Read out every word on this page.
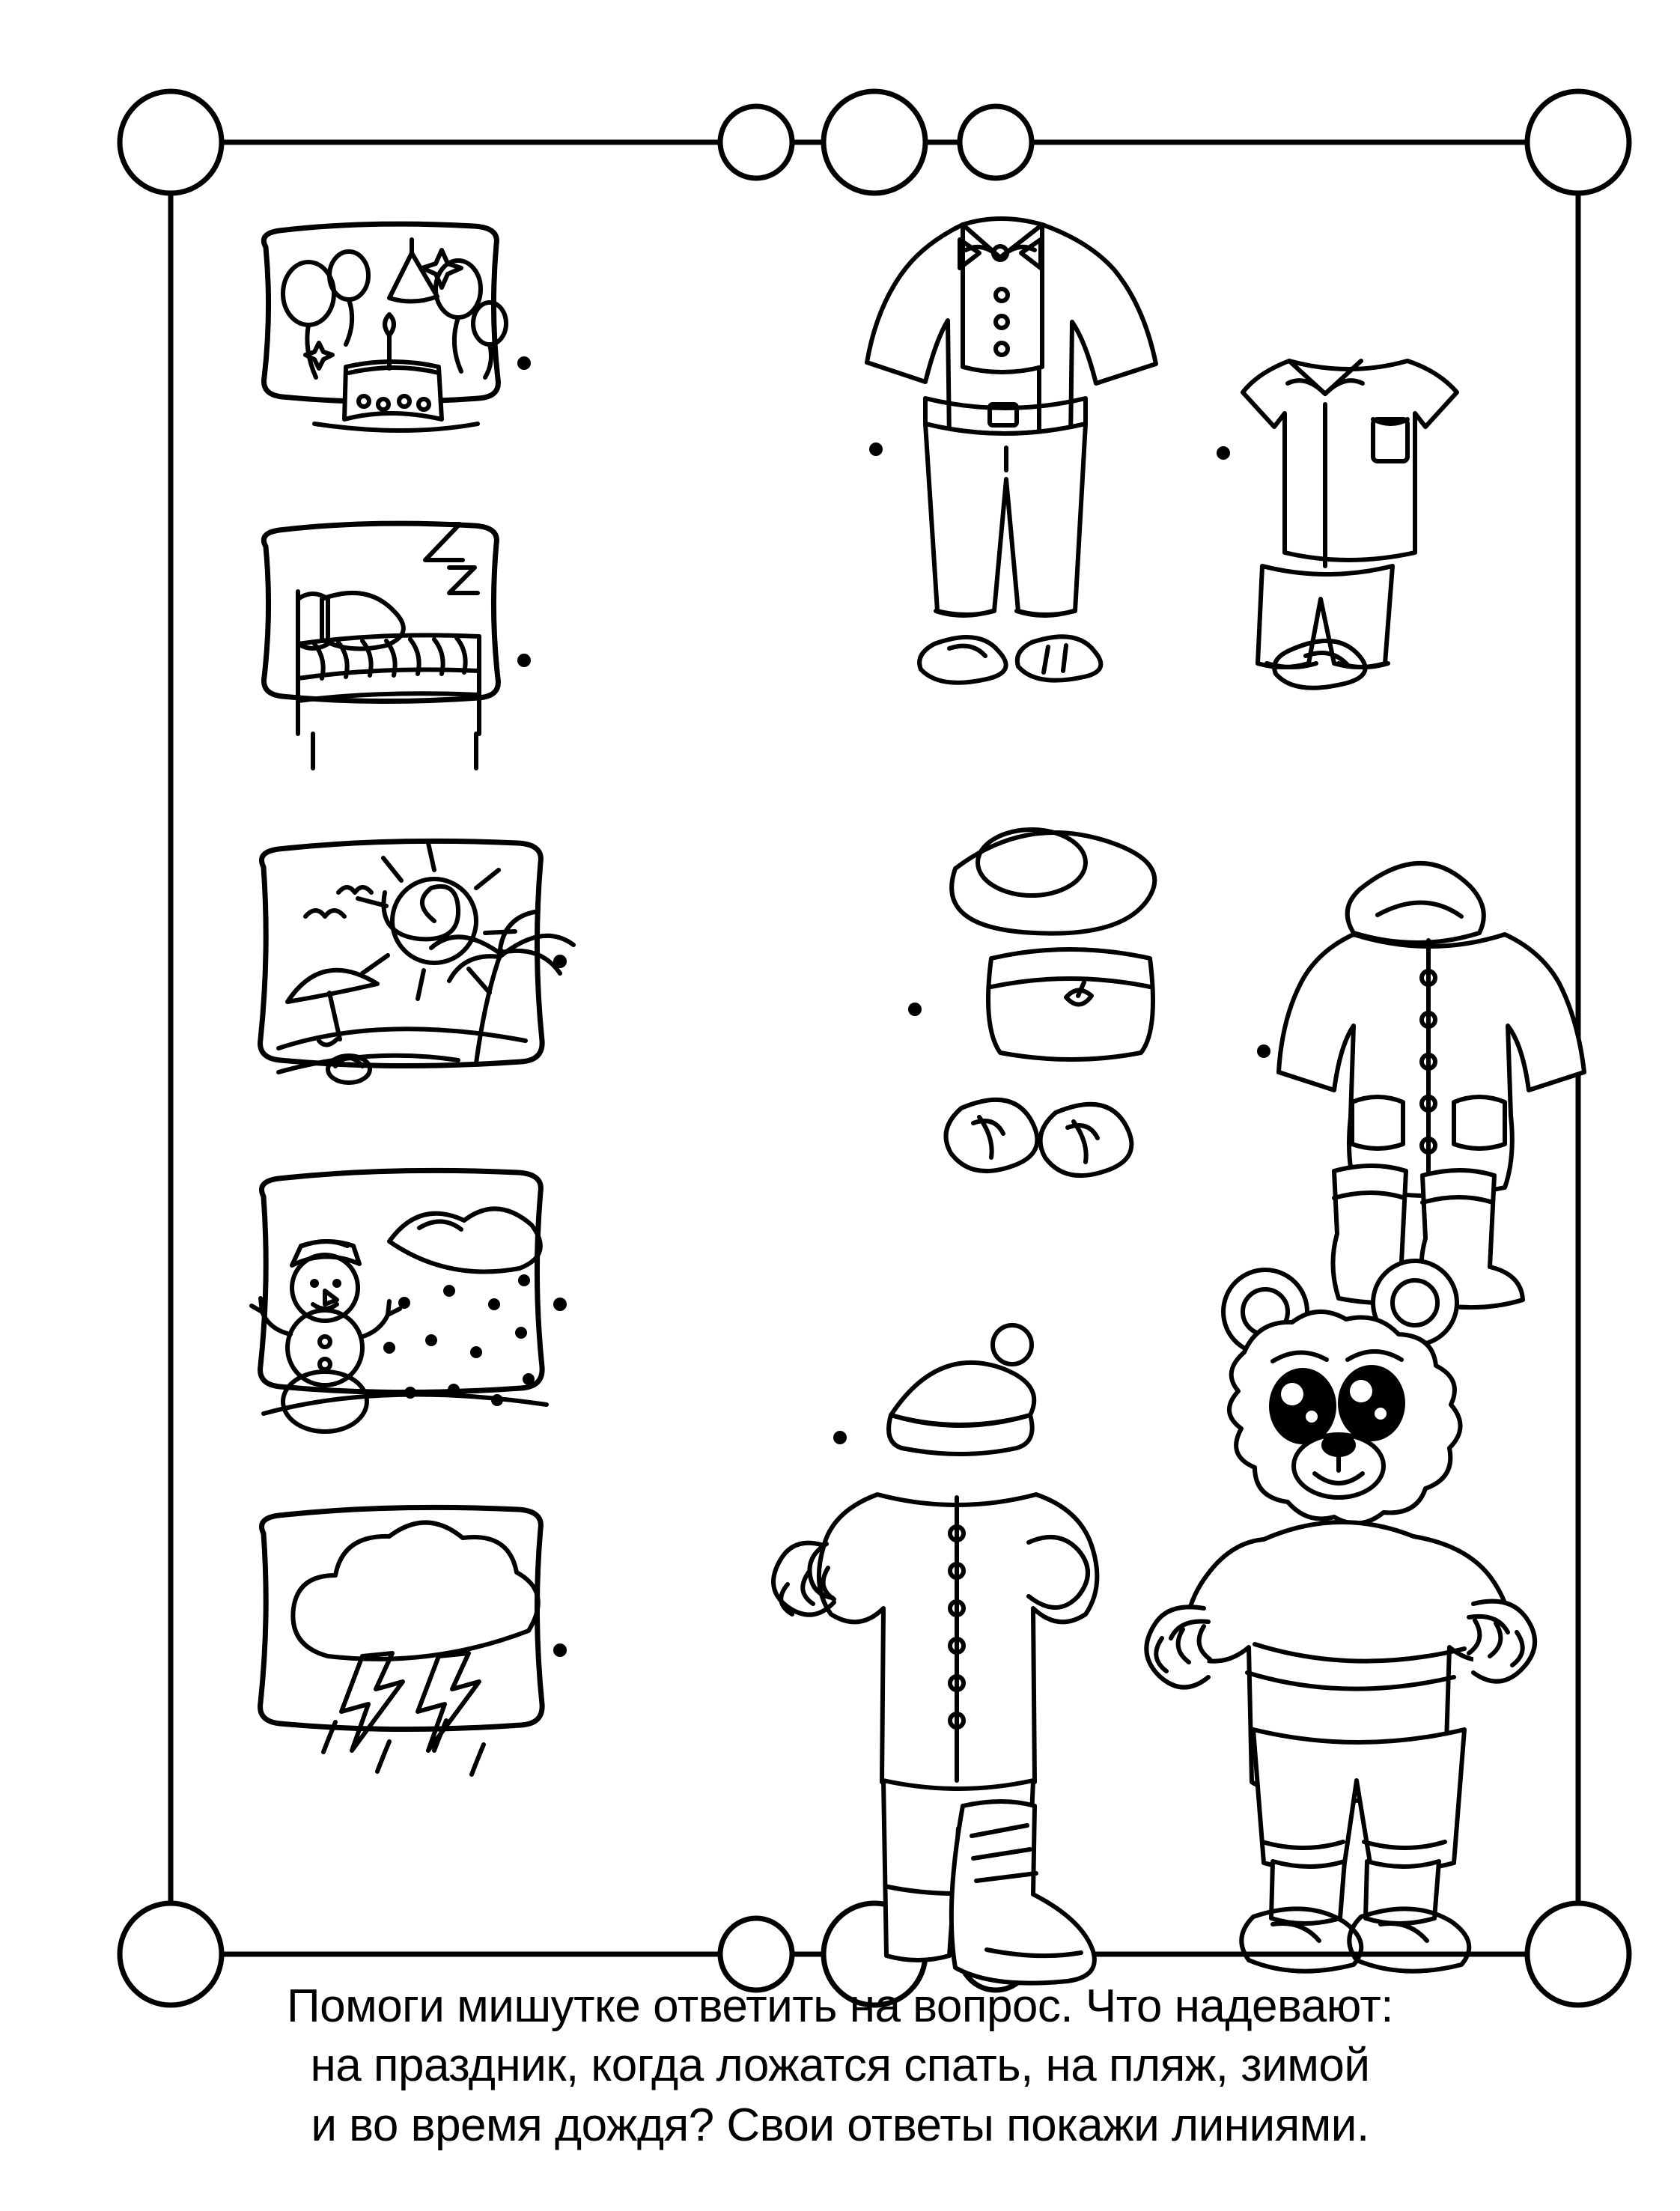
Помоги мишутке ответить на вопрос. Что надевают:
на праздник, когда ложатся спать, на пляж, зимой
и во время дождя? Свои ответы покажи линиями.
